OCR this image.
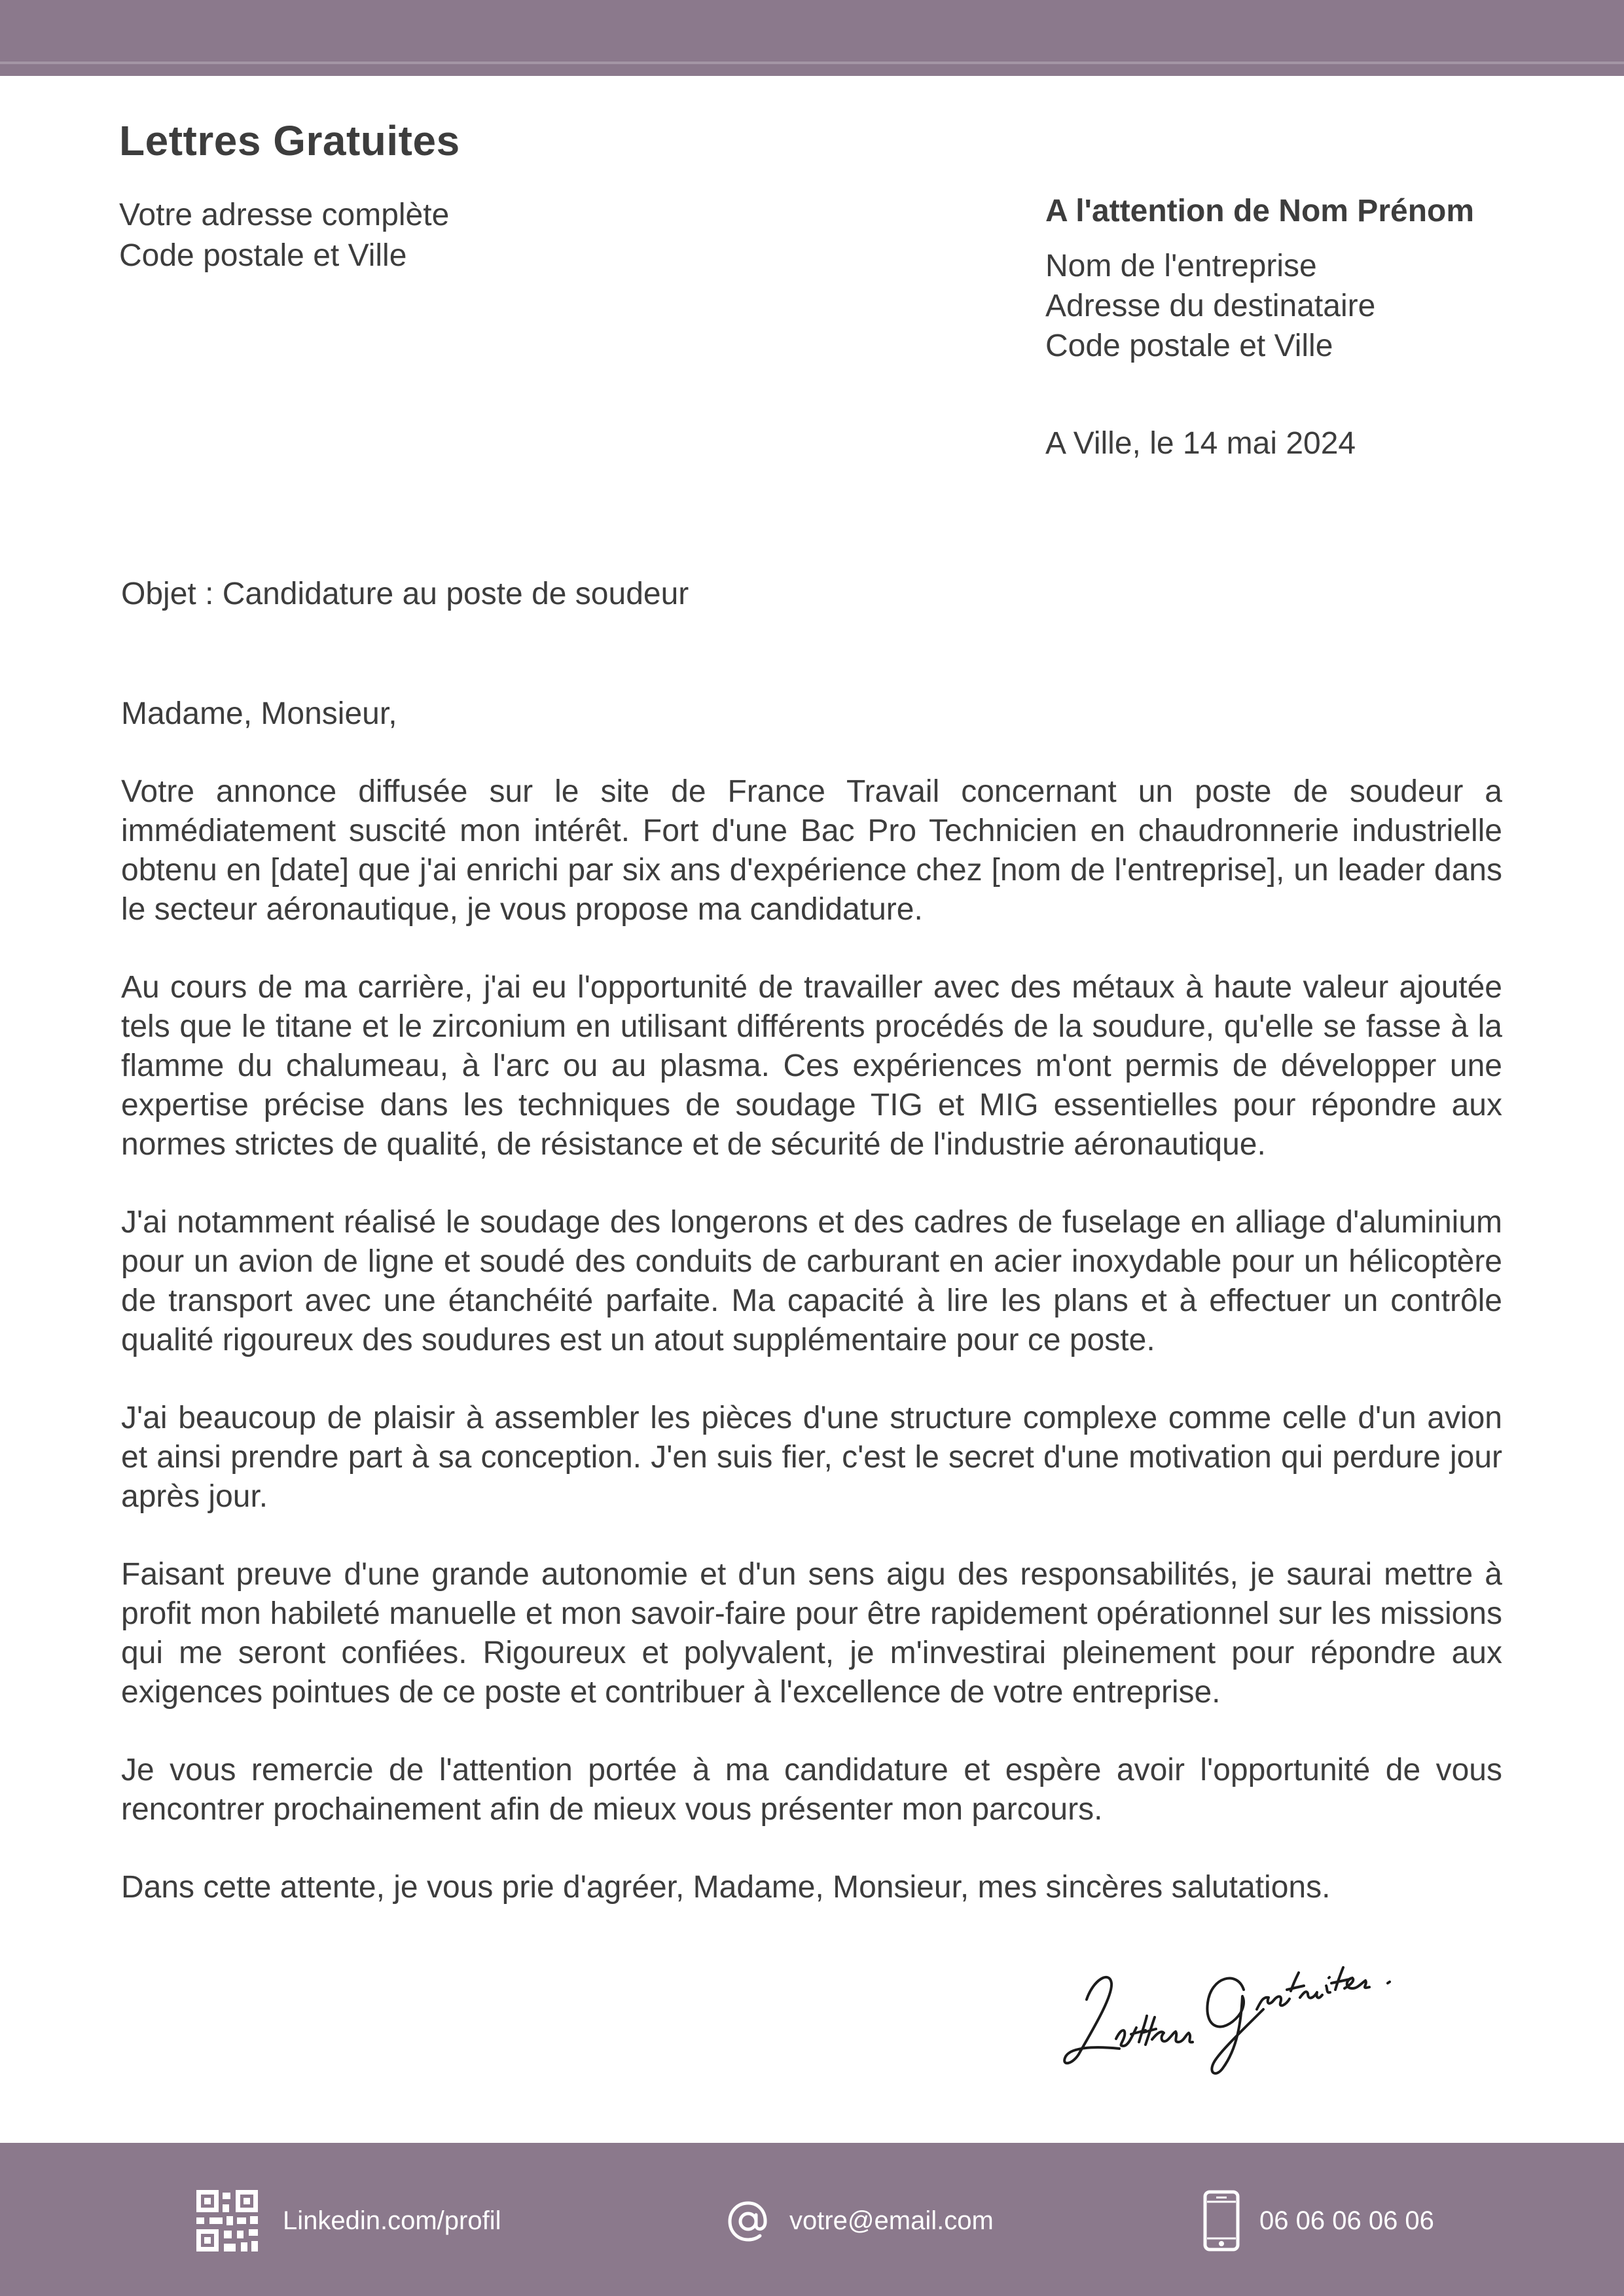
Lettres Gratuites
Votre adresse complète
Code postale et Ville
A l'attention de Nom Prénom
Nom de l'entreprise
Adresse du destinataire
Code postale et Ville
A Ville, le 14 mai 2024
Objet : Candidature au poste de soudeur
Madame, Monsieur,

Votre annonce diffusée sur le site de France Travail concernant un poste de soudeur a immédiatement suscité mon intérêt. Fort d'une Bac Pro Technicien en chaudronnerie industrielle obtenu en [date] que j'ai enrichi par six ans d'expérience chez [nom de l'entreprise], un leader dans le secteur aéronautique, je vous propose ma candidature.

Au cours de ma carrière, j'ai eu l'opportunité de travailler avec des métaux à haute valeur ajoutée tels que le titane et le zirconium en utilisant différents procédés de la soudure, qu'elle se fasse à la flamme du chalumeau, à l'arc ou au plasma. Ces expériences m'ont permis de développer une expertise précise dans les techniques de soudage TIG et MIG essentielles pour répondre aux normes strictes de qualité, de résistance et de sécurité de l'industrie aéronautique.

J'ai notamment réalisé le soudage des longerons et des cadres de fuselage en alliage d'aluminium pour un avion de ligne et soudé des conduits de carburant en acier inoxydable pour un hélicoptère de transport avec une étanchéité parfaite. Ma capacité à lire les plans et à effectuer un contrôle qualité rigoureux des soudures est un atout supplémentaire pour ce poste.

J'ai beaucoup de plaisir à assembler les pièces d'une structure complexe comme celle d'un avion et ainsi prendre part à sa conception. J'en suis fier, c'est le secret d'une motivation qui perdure jour après jour.

Faisant preuve d'une grande autonomie et d'un sens aigu des responsabilités, je saurai mettre à profit mon habileté manuelle et mon savoir-faire pour être rapidement opérationnel sur les missions qui me seront confiées. Rigoureux et polyvalent, je m'investirai pleinement pour répondre aux exigences pointues de ce poste et contribuer à l'excellence de votre entreprise.

Je vous remercie de l'attention portée à ma candidature et espère avoir l'opportunité de vous rencontrer prochainement afin de mieux vous présenter mon parcours.

Dans cette attente, je vous prie d'agréer, Madame, Monsieur, mes sincères salutations.

Linkedin.com/profil	votre@email.com	06 06 06 06 06
